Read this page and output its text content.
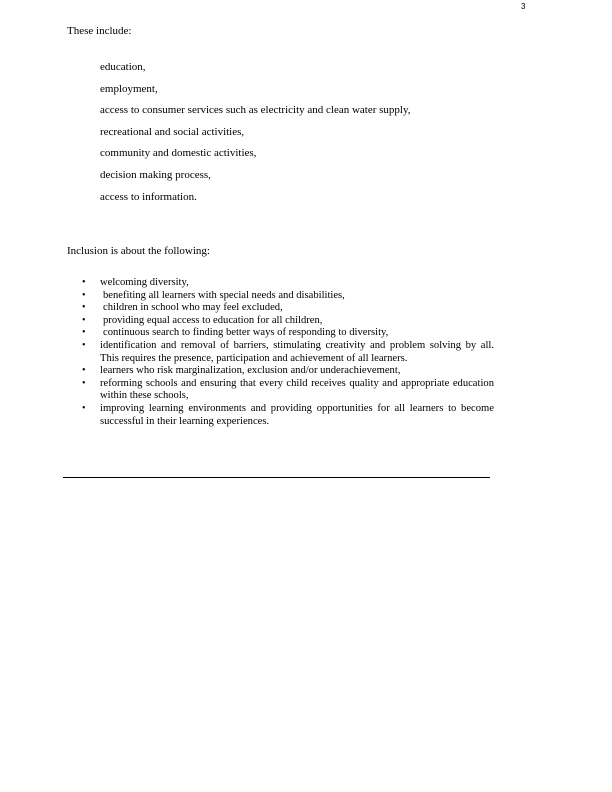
3

These include:

education,
employment,
access to consumer services such as electricity and clean water supply,
recreational and social activities,
community and domestic activities,
decision making process,
access to information.

Inclusion is about the following:

• welcoming diversity,
• benefiting all learners with special needs and disabilities,
• children in school who may feel excluded,
• providing equal access to education for all children,
• continuous search to finding better ways of responding to diversity,
• identification and removal of barriers, stimulating creativity and problem solving by all. This requires the presence, participation and achievement of all learners.
• learners who risk marginalization, exclusion and/or underachievement,
• reforming schools and ensuring that every child receives quality and appropriate education within these schools,
• improving learning environments and providing opportunities for all learners to become successful in their learning experiences.
